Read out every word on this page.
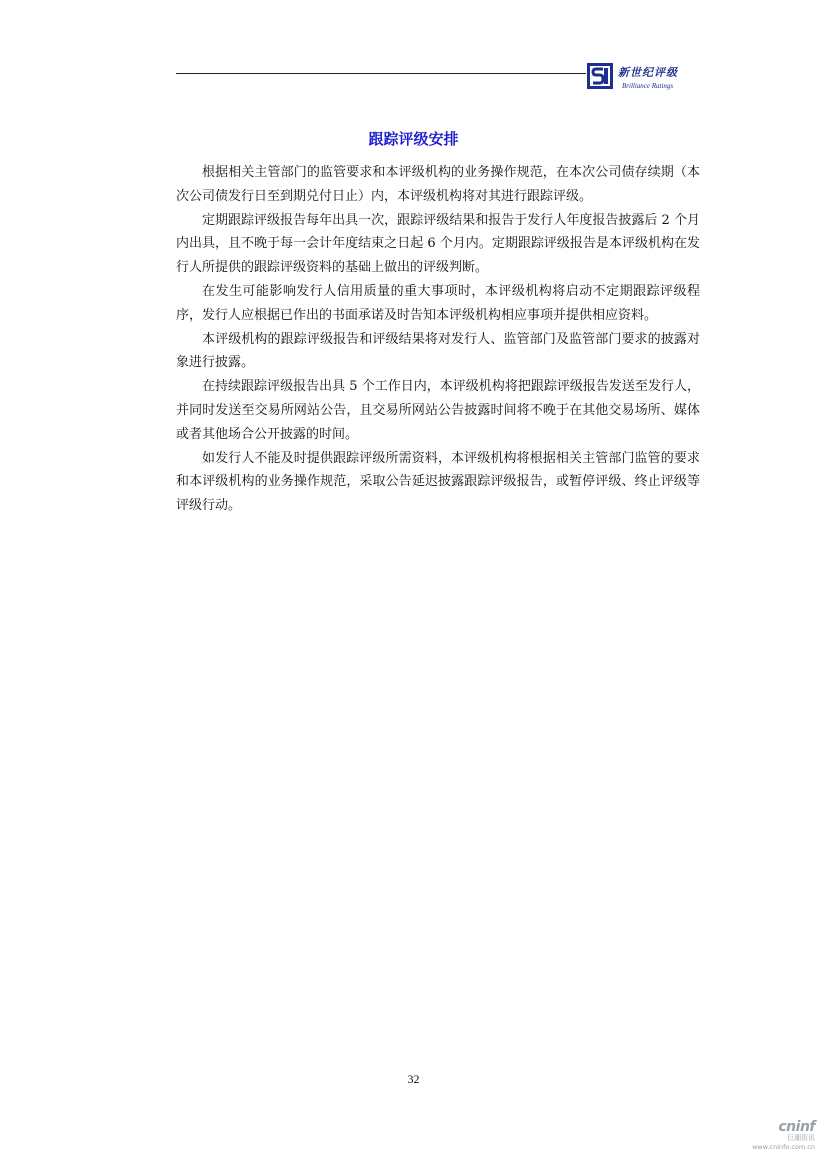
新世纪评级
Brilliance Ratings
跟踪评级安排

根据相关主管部门的监管要求和本评级机构的业务操作规范，在本次公司债存续期（本次公司债发行日至到期兑付日止）内，本评级机构将对其进行跟踪评级。

定期跟踪评级报告每年出具一次，跟踪评级结果和报告于发行人年度报告披露后 2 个月内出具，且不晚于每一会计年度结束之日起 6 个月内。定期跟踪评级报告是本评级机构在发行人所提供的跟踪评级资料的基础上做出的评级判断。

在发生可能影响发行人信用质量的重大事项时，本评级机构将启动不定期跟踪评级程序，发行人应根据已作出的书面承诺及时告知本评级机构相应事项并提供相应资料。

本评级机构的跟踪评级报告和评级结果将对发行人、监管部门及监管部门要求的披露对象进行披露。

在持续跟踪评级报告出具 5 个工作日内，本评级机构将把跟踪评级报告发送至发行人，并同时发送至交易所网站公告，且交易所网站公告披露时间将不晚于在其他交易场所、媒体或者其他场合公开披露的时间。

如发行人不能及时提供跟踪评级所需资料，本评级机构将根据相关主管部门监管的要求和本评级机构的业务操作规范，采取公告延迟披露跟踪评级报告，或暂停评级、终止评级等评级行动。

32
cninf
巨潮资讯
www.cninfo.com.cn
